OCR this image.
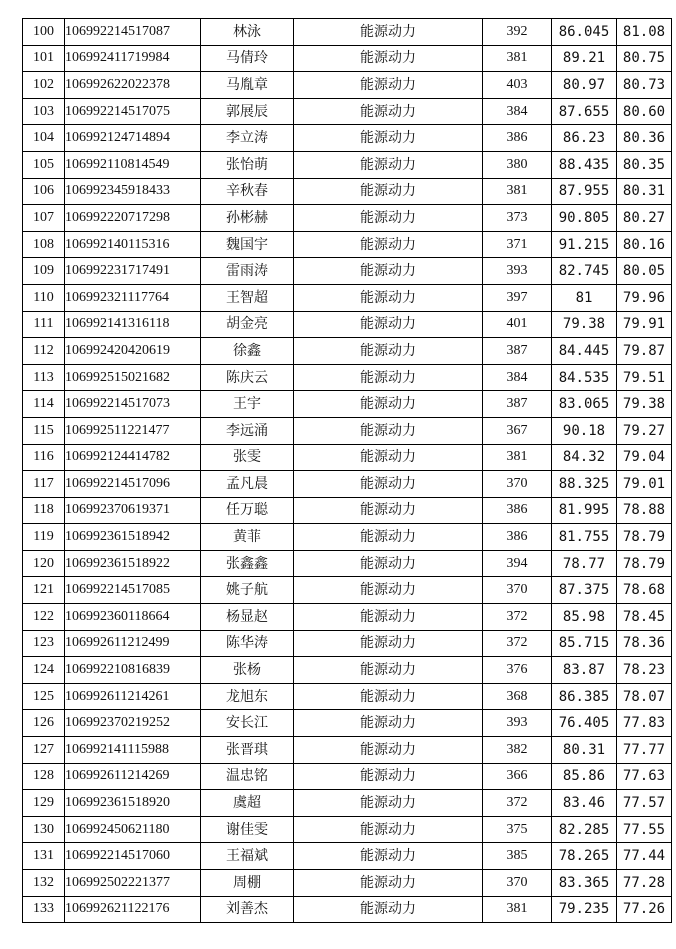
100	106992214517087	林泳	能源动力	392	86.045	81.08
101	106992411719984	马倩玲	能源动力	381	89.21	80.75
102	106992622022378	马胤章	能源动力	403	80.97	80.73
103	106992214517075	郭展辰	能源动力	384	87.655	80.60
104	106992124714894	李立涛	能源动力	386	86.23	80.36
105	106992110814549	张怡萌	能源动力	380	88.435	80.35
106	106992345918433	辛秋春	能源动力	381	87.955	80.31
107	106992220717298	孙彬赫	能源动力	373	90.805	80.27
108	106992140115316	魏国宇	能源动力	371	91.215	80.16
109	106992231717491	雷雨涛	能源动力	393	82.745	80.05
110	106992321117764	王智超	能源动力	397	81	79.96
111	106992141316118	胡金亮	能源动力	401	79.38	79.91
112	106992420420619	徐鑫	能源动力	387	84.445	79.87
113	106992515021682	陈庆云	能源动力	384	84.535	79.51
114	106992214517073	王宇	能源动力	387	83.065	79.38
115	106992511221477	李远涌	能源动力	367	90.18	79.27
116	106992124414782	张雯	能源动力	381	84.32	79.04
117	106992214517096	孟凡晨	能源动力	370	88.325	79.01
118	106992370619371	任万聪	能源动力	386	81.995	78.88
119	106992361518942	黄菲	能源动力	386	81.755	78.79
120	106992361518922	张鑫鑫	能源动力	394	78.77	78.79
121	106992214517085	姚子航	能源动力	370	87.375	78.68
122	106992360118664	杨显赵	能源动力	372	85.98	78.45
123	106992611212499	陈华涛	能源动力	372	85.715	78.36
124	106992210816839	张杨	能源动力	376	83.87	78.23
125	106992611214261	龙旭东	能源动力	368	86.385	78.07
126	106992370219252	安长江	能源动力	393	76.405	77.83
127	106992141115988	张晋琪	能源动力	382	80.31	77.77
128	106992611214269	温忠铭	能源动力	366	85.86	77.63
129	106992361518920	虞超	能源动力	372	83.46	77.57
130	106992450621180	谢佳雯	能源动力	375	82.285	77.55
131	106992214517060	王福斌	能源动力	385	78.265	77.44
132	106992502221377	周棚	能源动力	370	83.365	77.28
133	106992621122176	刘善杰	能源动力	381	79.235	77.26
